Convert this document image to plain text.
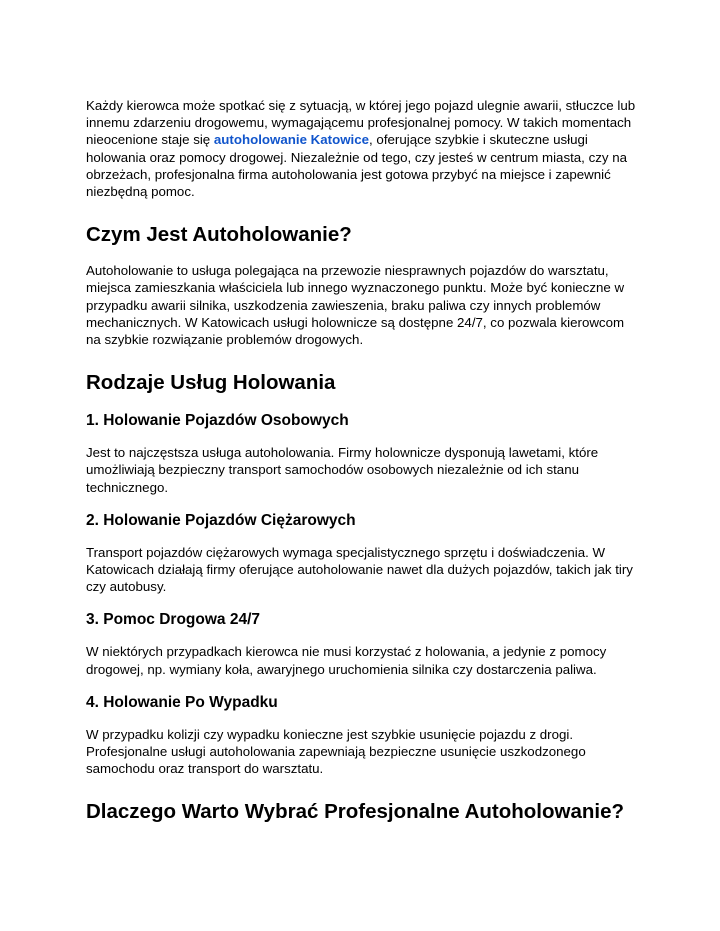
Każdy kierowca może spotkać się z sytuacją, w której jego pojazd ulegnie awarii, stłuczce lub innemu zdarzeniu drogowemu, wymagającemu profesjonalnej pomocy. W takich momentach nieocenione staje się autoholowanie Katowice, oferujące szybkie i skuteczne usługi holowania oraz pomocy drogowej. Niezależnie od tego, czy jesteś w centrum miasta, czy na obrzeżach, profesjonalna firma autoholowania jest gotowa przybyć na miejsce i zapewnić niezbędną pomoc.

Czym Jest Autoholowanie?

Autoholowanie to usługa polegająca na przewozie niesprawnych pojazdów do warsztatu, miejsca zamieszkania właściciela lub innego wyznaczonego punktu. Może być konieczne w przypadku awarii silnika, uszkodzenia zawieszenia, braku paliwa czy innych problemów mechanicznych. W Katowicach usługi holownicze są dostępne 24/7, co pozwala kierowcom na szybkie rozwiązanie problemów drogowych.

Rodzaje Usług Holowania
1. Holowanie Pojazdów Osobowych

Jest to najczęstsza usługa autoholowania. Firmy holownicze dysponują lawetami, które umożliwiają bezpieczny transport samochodów osobowych niezależnie od ich stanu technicznego.

2. Holowanie Pojazdów Ciężarowych

Transport pojazdów ciężarowych wymaga specjalistycznego sprzętu i doświadczenia. W Katowicach działają firmy oferujące autoholowanie nawet dla dużych pojazdów, takich jak tiry czy autobusy.

3. Pomoc Drogowa 24/7

W niektórych przypadkach kierowca nie musi korzystać z holowania, a jedynie z pomocy drogowej, np. wymiany koła, awaryjnego uruchomienia silnika czy dostarczenia paliwa.

4. Holowanie Po Wypadku

W przypadku kolizji czy wypadku konieczne jest szybkie usunięcie pojazdu z drogi. Profesjonalne usługi autoholowania zapewniają bezpieczne usunięcie uszkodzonego samochodu oraz transport do warsztatu.

Dlaczego Warto Wybrać Profesjonalne Autoholowanie?
